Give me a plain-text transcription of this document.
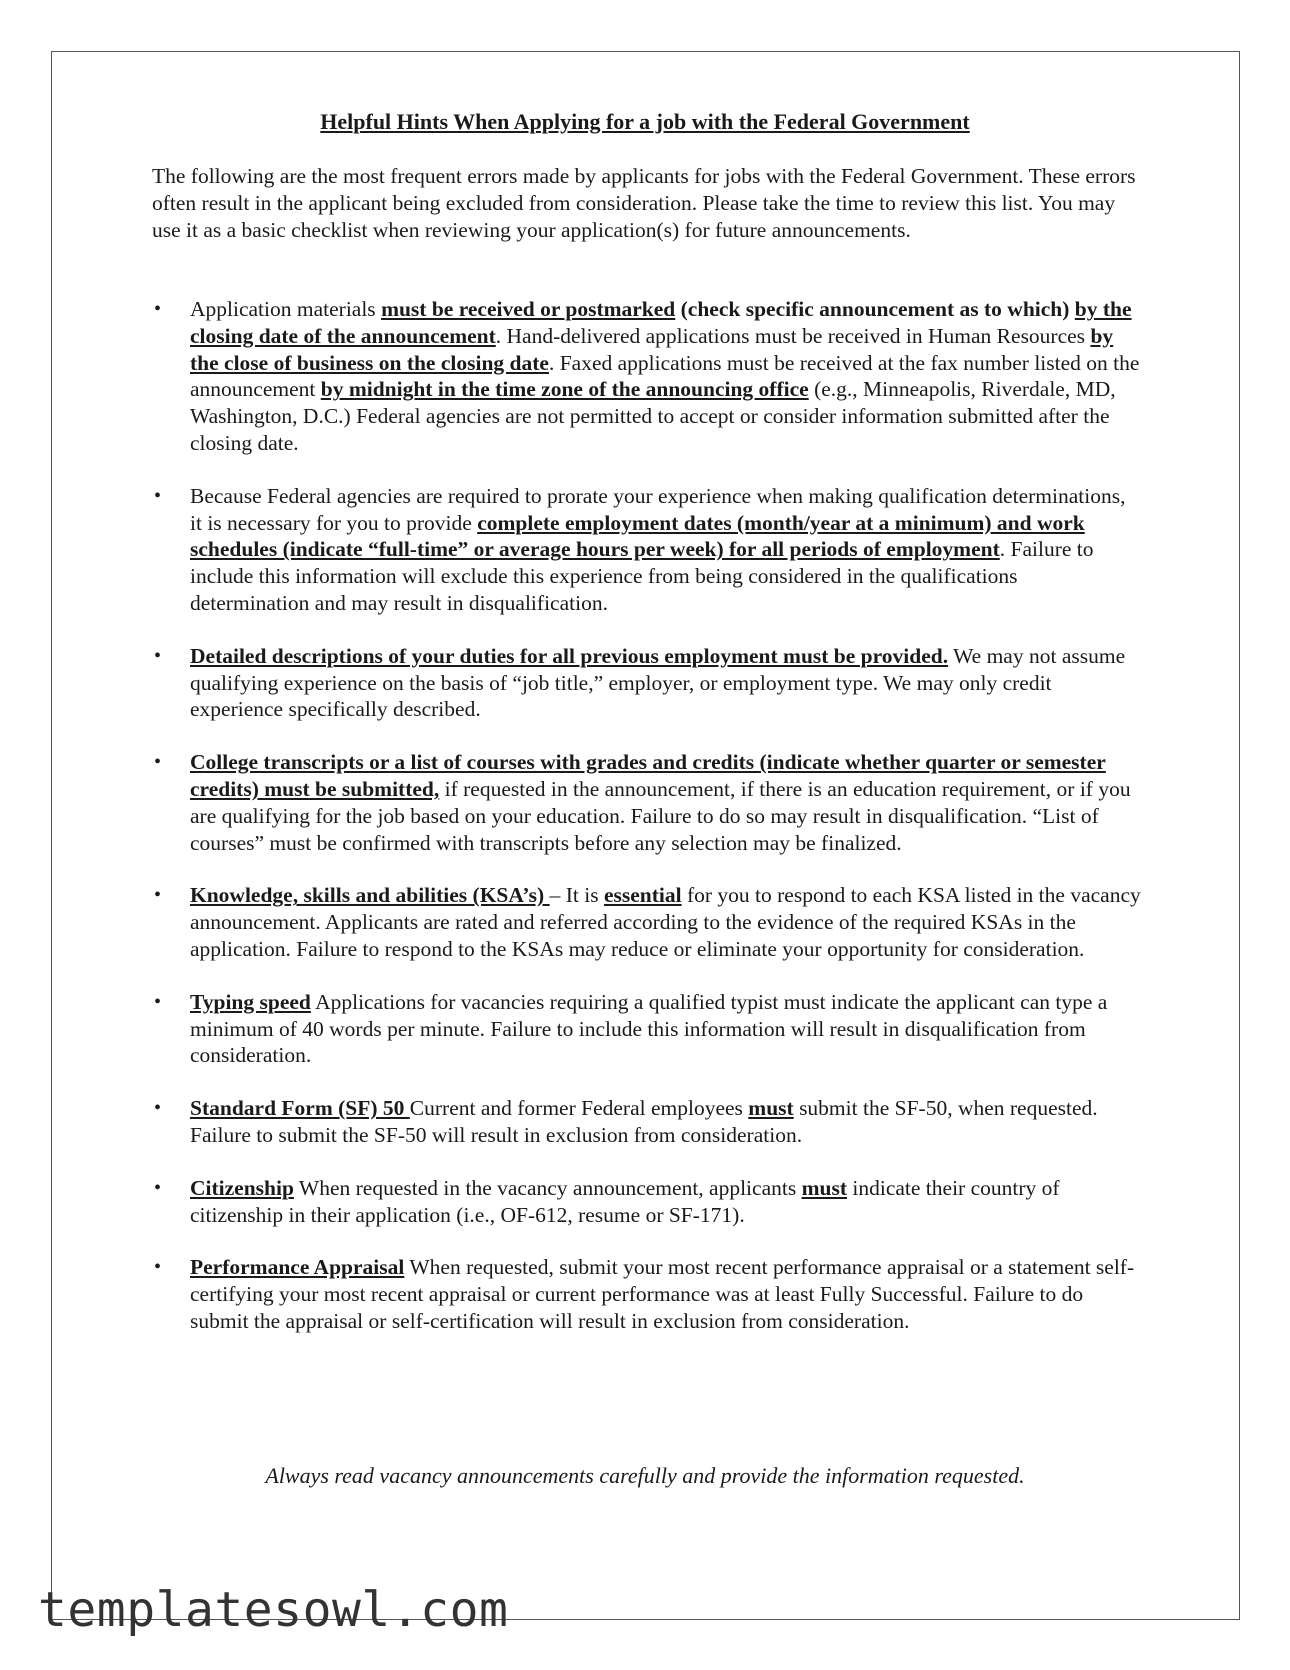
Helpful Hints When Applying for a job with the Federal Government

The following are the most frequent errors made by applicants for jobs with the Federal Government. These errors often result in the applicant being excluded from consideration. Please take the time to review this list. You may use it as a basic checklist when reviewing your application(s) for future announcements.

• Application materials must be received or postmarked (check specific announcement as to which) by the closing date of the announcement. Hand-delivered applications must be received in Human Resources by the close of business on the closing date. Faxed applications must be received at the fax number listed on the announcement by midnight in the time zone of the announcing office (e.g., Minneapolis, Riverdale, MD, Washington, D.C.) Federal agencies are not permitted to accept or consider information submitted after the closing date.
• Because Federal agencies are required to prorate your experience when making qualification determinations, it is necessary for you to provide complete employment dates (month/year at a minimum) and work schedules (indicate “full-time” or average hours per week) for all periods of employment. Failure to include this information will exclude this experience from being considered in the qualifications determination and may result in disqualification.
• Detailed descriptions of your duties for all previous employment must be provided. We may not assume qualifying experience on the basis of “job title,” employer, or employment type. We may only credit experience specifically described.
• College transcripts or a list of courses with grades and credits (indicate whether quarter or semester credits) must be submitted, if requested in the announcement, if there is an education requirement, or if you are qualifying for the job based on your education. Failure to do so may result in disqualification. “List of courses” must be confirmed with transcripts before any selection may be finalized.
• Knowledge, skills and abilities (KSA’s) – It is essential for you to respond to each KSA listed in the vacancy announcement. Applicants are rated and referred according to the evidence of the required KSAs in the application. Failure to respond to the KSAs may reduce or eliminate your opportunity for consideration.
• Typing speed Applications for vacancies requiring a qualified typist must indicate the applicant can type a minimum of 40 words per minute. Failure to include this information will result in disqualification from consideration.
• Standard Form (SF) 50 Current and former Federal employees must submit the SF-50, when requested. Failure to submit the SF-50 will result in exclusion from consideration.
• Citizenship When requested in the vacancy announcement, applicants must indicate their country of citizenship in their application (i.e., OF-612, resume or SF-171).
• Performance Appraisal When requested, submit your most recent performance appraisal or a statement self-certifying your most recent appraisal or current performance was at least Fully Successful. Failure to do submit the appraisal or self-certification will result in exclusion from consideration.
Always read vacancy announcements carefully and provide the information requested.
templatesowl.com
